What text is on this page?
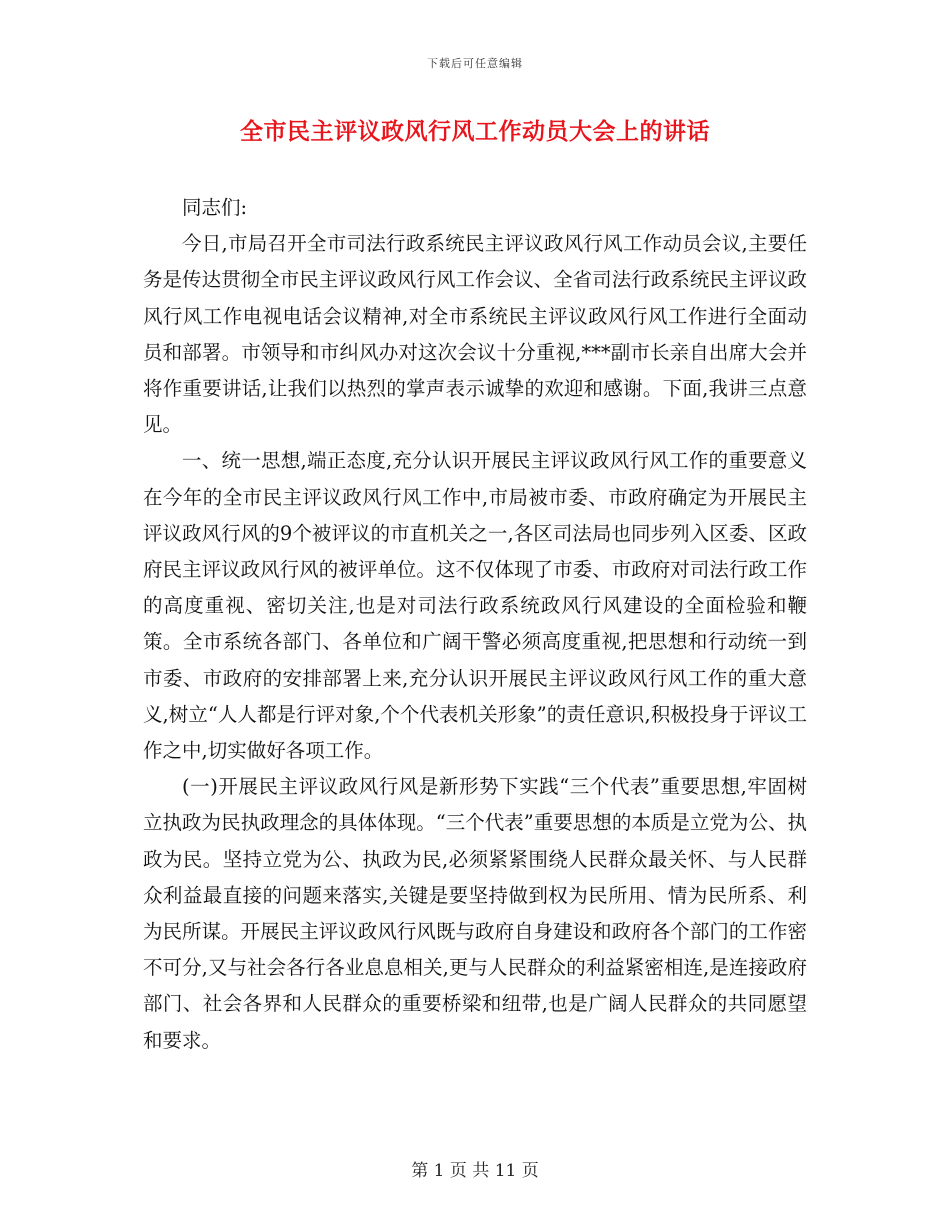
下载后可任意编辑
全市民主评议政风行风工作动员大会上的讲话

同志们:

今日,市局召开全市司法行政系统民主评议政风行风工作动员会议,主要任务是传达贯彻全市民主评议政风行风工作会议、全省司法行政系统民主评议政风行风工作电视电话会议精神,对全市系统民主评议政风行风工作进行全面动员和部署。市领导和市纠风办对这次会议十分重视,***副市长亲自出席大会并将作重要讲话,让我们以热烈的掌声表示诚挚的欢迎和感谢。下面,我讲三点意见。

一、统一思想,端正态度,充分认识开展民主评议政风行风工作的重要意义在今年的全市民主评议政风行风工作中,市局被市委、市政府确定为开展民主评议政风行风的9个被评议的市直机关之一,各区司法局也同步列入区委、区政府民主评议政风行风的被评单位。这不仅体现了市委、市政府对司法行政工作的高度重视、密切关注,也是对司法行政系统政风行风建设的全面检验和鞭策。全市系统各部门、各单位和广阔干警必须高度重视,把思想和行动统一到市委、市政府的安排部署上来,充分认识开展民主评议政风行风工作的重大意义,树立“人人都是行评对象,个个代表机关形象”的责任意识,积极投身于评议工作之中,切实做好各项工作。

(一)开展民主评议政风行风是新形势下实践“三个代表”重要思想,牢固树立执政为民执政理念的具体体现。“三个代表”重要思想的本质是立党为公、执政为民。坚持立党为公、执政为民,必须紧紧围绕人民群众最关怀、与人民群众利益最直接的问题来落实,关键是要坚持做到权为民所用、情为民所系、利为民所谋。开展民主评议政风行风既与政府自身建设和政府各个部门的工作密不可分,又与社会各行各业息息相关,更与人民群众的利益紧密相连,是连接政府部门、社会各界和人民群众的重要桥梁和纽带,也是广阔人民群众的共同愿望和要求。

第 1 页 共 11 页
